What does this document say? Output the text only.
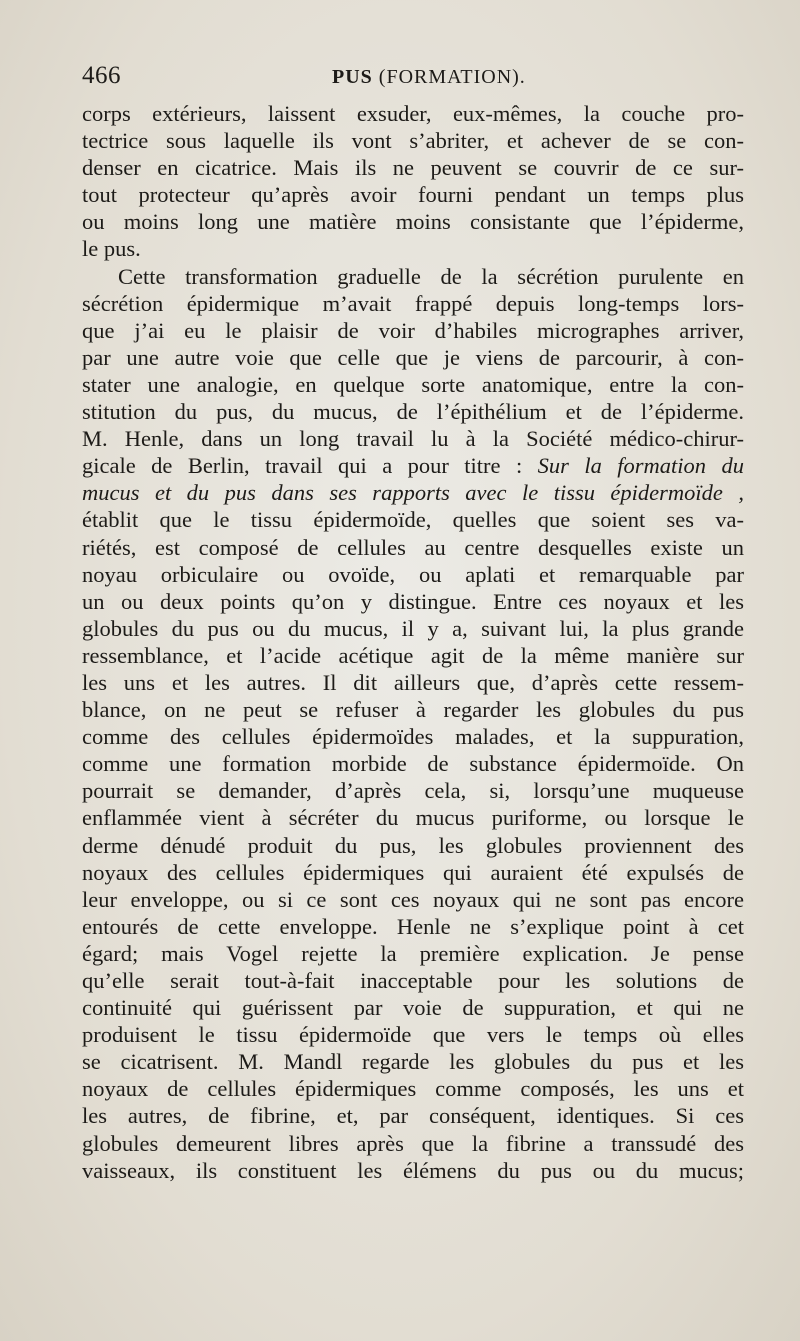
466	PUS (FORMATION).
corps extérieurs, laissent exsuder, eux-mêmes, la couche pro-
tectrice sous laquelle ils vont s’abriter, et achever de se con-
denser en cicatrice. Mais ils ne peuvent se couvrir de ce sur-
tout protecteur qu’après avoir fourni pendant un temps plus
ou moins long une matière moins consistante que l’épiderme,
le pus.
Cette transformation graduelle de la sécrétion purulente en
sécrétion épidermique m’avait frappé depuis long-temps lors-
que j’ai eu le plaisir de voir d’habiles micrographes arriver,
par une autre voie que celle que je viens de parcourir, à con-
stater une analogie, en quelque sorte anatomique, entre la con-
stitution du pus, du mucus, de l’épithélium et de l’épiderme.
M. Henle, dans un long travail lu à la Société médico-chirur-
gicale de Berlin, travail qui a pour titre : Sur la formation du
mucus et du pus dans ses rapports avec le tissu épidermoïde ,
établit que le tissu épidermoïde, quelles que soient ses va-
riétés, est composé de cellules au centre desquelles existe un
noyau orbiculaire ou ovoïde, ou aplati et remarquable par
un ou deux points qu’on y distingue. Entre ces noyaux et les
globules du pus ou du mucus, il y a, suivant lui, la plus grande
ressemblance, et l’acide acétique agit de la même manière sur
les uns et les autres. Il dit ailleurs que, d’après cette ressem-
blance, on ne peut se refuser à regarder les globules du pus
comme des cellules épidermoïdes malades, et la suppuration,
comme une formation morbide de substance épidermoïde. On
pourrait se demander, d’après cela, si, lorsqu’une muqueuse
enflammée vient à sécréter du mucus puriforme, ou lorsque le
derme dénudé produit du pus, les globules proviennent des
noyaux des cellules épidermiques qui auraient été expulsés de
leur enveloppe, ou si ce sont ces noyaux qui ne sont pas encore
entourés de cette enveloppe. Henle ne s’explique point à cet
égard; mais Vogel rejette la première explication. Je pense
qu’elle serait tout-à-fait inacceptable pour les solutions de
continuité qui guérissent par voie de suppuration, et qui ne
produisent le tissu épidermoïde que vers le temps où elles
se cicatrisent. M. Mandl regarde les globules du pus et les
noyaux de cellules épidermiques comme composés, les uns et
les autres, de fibrine, et, par conséquent, identiques. Si ces
globules demeurent libres après que la fibrine a transsudé des
vaisseaux, ils constituent les élémens du pus ou du mucus;
